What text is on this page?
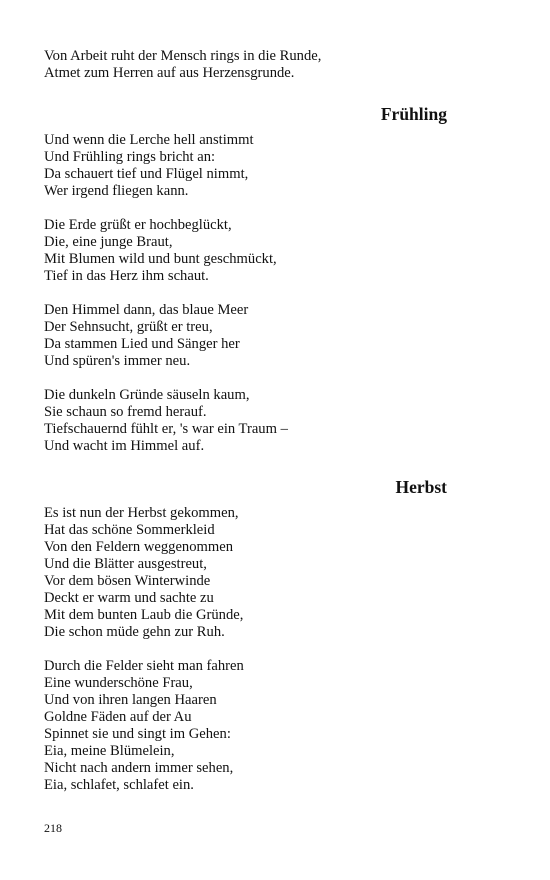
Von Arbeit ruht der Mensch rings in die Runde,
Atmet zum Herren auf aus Herzensgrunde.
Frühling
Und wenn die Lerche hell anstimmt
Und Frühling rings bricht an:
Da schauert tief und Flügel nimmt,
Wer irgend fliegen kann.
Die Erde grüßt er hochbeglückt,
Die, eine junge Braut,
Mit Blumen wild und bunt geschmückt,
Tief in das Herz ihm schaut.
Den Himmel dann, das blaue Meer
Der Sehnsucht, grüßt er treu,
Da stammen Lied und Sänger her
Und spüren's immer neu.
Die dunkeln Gründe säuseln kaum,
Sie schaun so fremd herauf.
Tiefschauernd fühlt er, 's war ein Traum –
Und wacht im Himmel auf.
Herbst
Es ist nun der Herbst gekommen,
Hat das schöne Sommerkleid
Von den Feldern weggenommen
Und die Blätter ausgestreut,
Vor dem bösen Winterwinde
Deckt er warm und sachte zu
Mit dem bunten Laub die Gründe,
Die schon müde gehn zur Ruh.
Durch die Felder sieht man fahren
Eine wunderschöne Frau,
Und von ihren langen Haaren
Goldne Fäden auf der Au
Spinnet sie und singt im Gehen:
Eia, meine Blümelein,
Nicht nach andern immer sehen,
Eia, schlafet, schlafet ein.
218
